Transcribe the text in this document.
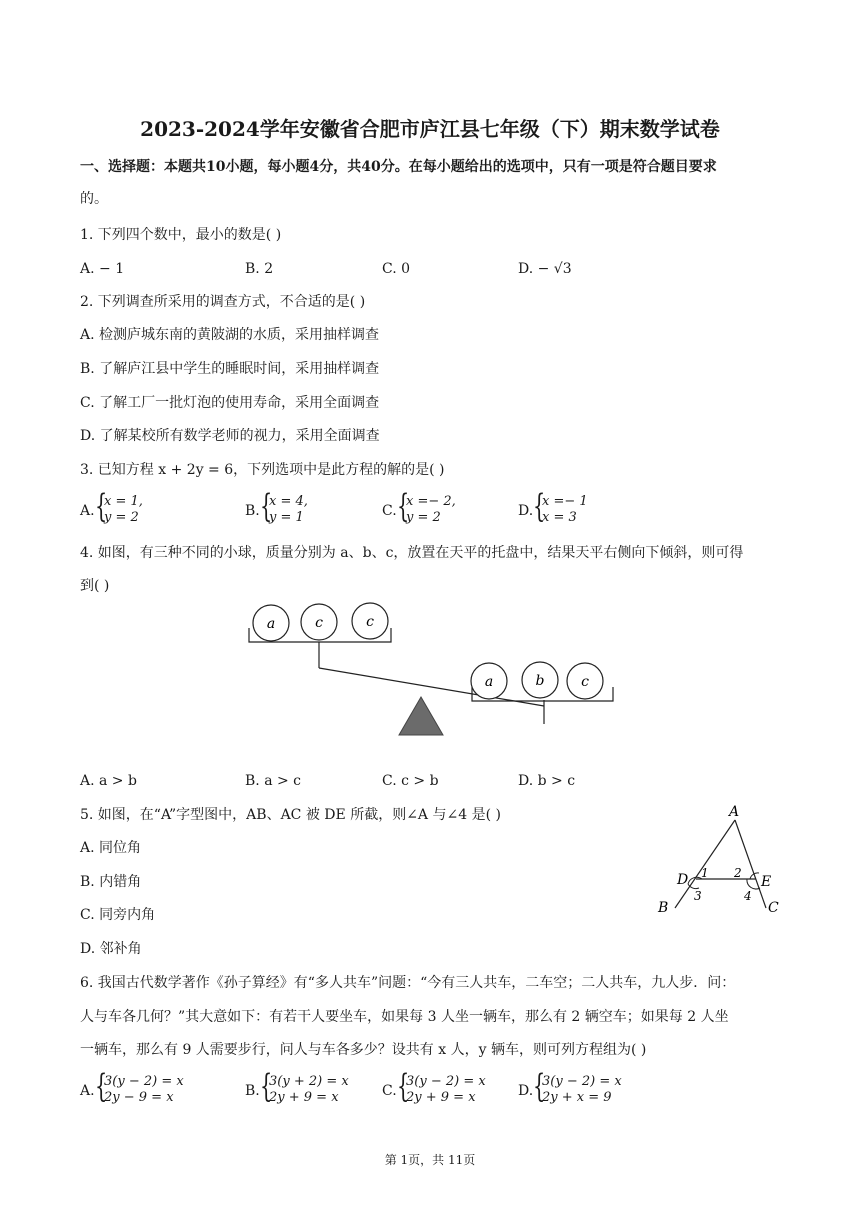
2023-2024学年安徽省合肥市庐江县七年级（下）期末数学试卷
一、选择题：本题共10小题，每小题4分，共40分。在每小题给出的选项中，只有一项是符合题目要求
的。
1. 下列四个数中，最小的数是( )
A. − 1	B. 2	C. 0	D. − √3
2. 下列调查所采用的调查方式，不合适的是( )
A. 检测庐城东南的黄陂湖的水质，采用抽样调查
B. 了解庐江县中学生的睡眠时间，采用抽样调查
C. 了解工厂一批灯泡的使用寿命，采用全面调查
D. 了解某校所有数学老师的视力，采用全面调查
3. 已知方程 x + 2y = 6，下列选项中是此方程的解的是( )
A. {
x = 1,
y = 2	B. {
x = 4,
y = 1	C. {
x =− 2,
y = 2	D. {
x =− 1
x = 3
4. 如图，有三种不同的小球，质量分别为 a、b、c，放置在天平的托盘中，结果天平右侧向下倾斜，则可得
到( )
a	c	c
a	b	c
A. a > b	B. a > c	C. c > b	D. b > c
5. 如图，在“A”字型图中，AB、AC 被 DE 所截，则∠A 与∠4 是( )
A. 同位角
B. 内错角
C. 同旁内角
D. 邻补角
A
B	C
D	E
1 2
3	4
6. 我国古代数学著作《孙子算经》有“多人共车”问题：“今有三人共车，二车空；二人共车，九人步．问：
人与车各几何？”其大意如下：有若干人要坐车，如果每 3 人坐一辆车，那么有 2 辆空车；如果每 2 人坐
一辆车，那么有 9 人需要步行，问人与车各多少？设共有 x 人，y 辆车，则可列方程组为( )
A. {
3(y − 2) = x
2y − 9 = x	B. {
3(y + 2) = x
2y + 9 = x	C. {
3(y − 2) = x
2y + 9 = x	D. {
3(y − 2) = x
2y + x = 9
第 1页，共 11页
